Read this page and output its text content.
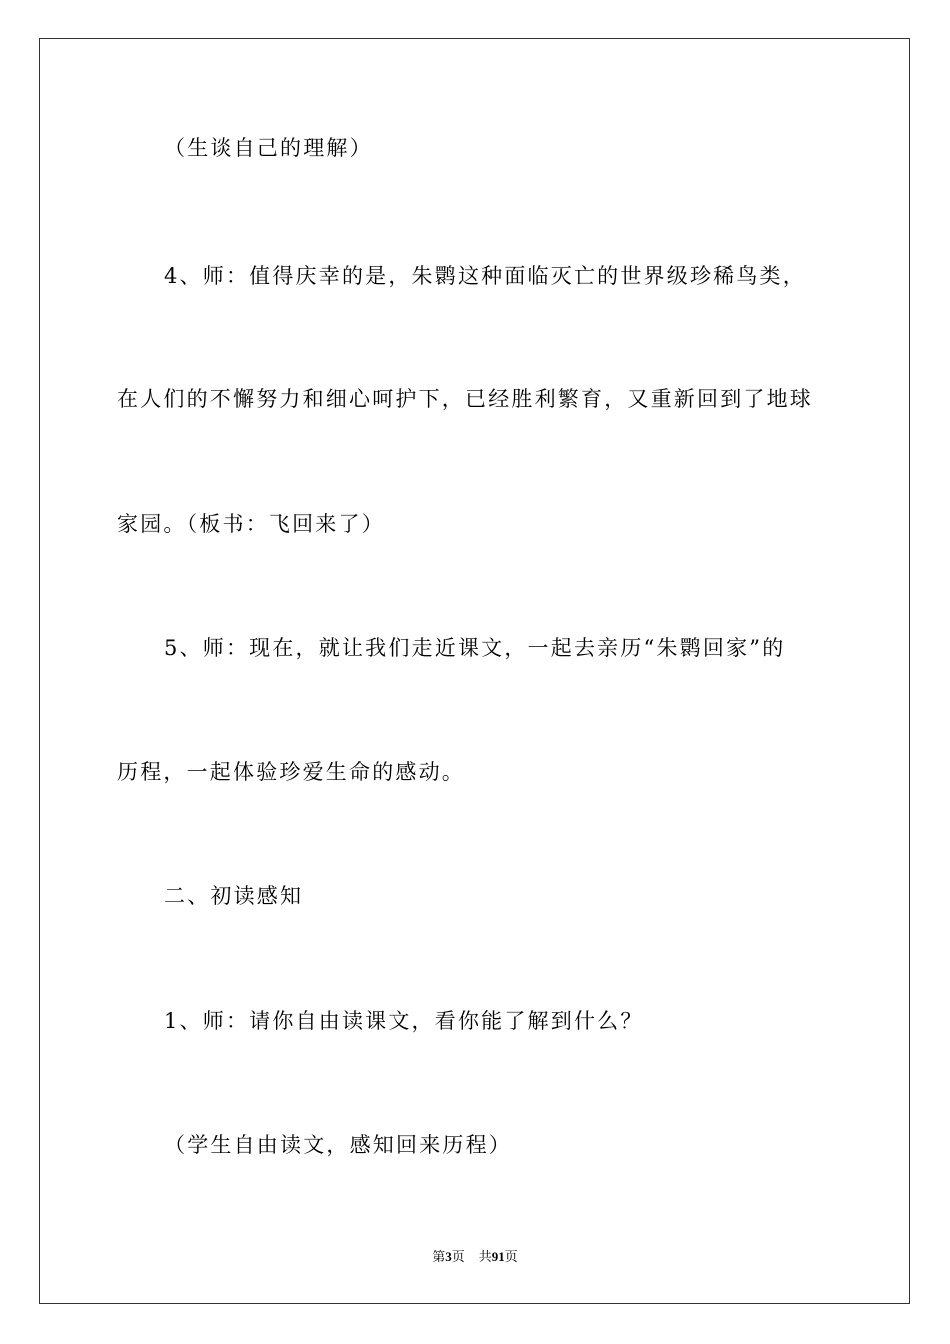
（生谈自己的理解）
4、师：值得庆幸的是，朱鹮这种面临灭亡的世界级珍稀鸟类，
在人们的不懈努力和细心呵护下，已经胜利繁育，又重新回到了地球
家园。（板书：飞回来了）
5、师：现在，就让我们走近课文，一起去亲历“朱鹮回家”的
历程，一起体验珍爱生命的感动。
二、初读感知
1、师：请你自由读课文，看你能了解到什么？
（学生自由读文，感知回来历程）
第3页 共91页
